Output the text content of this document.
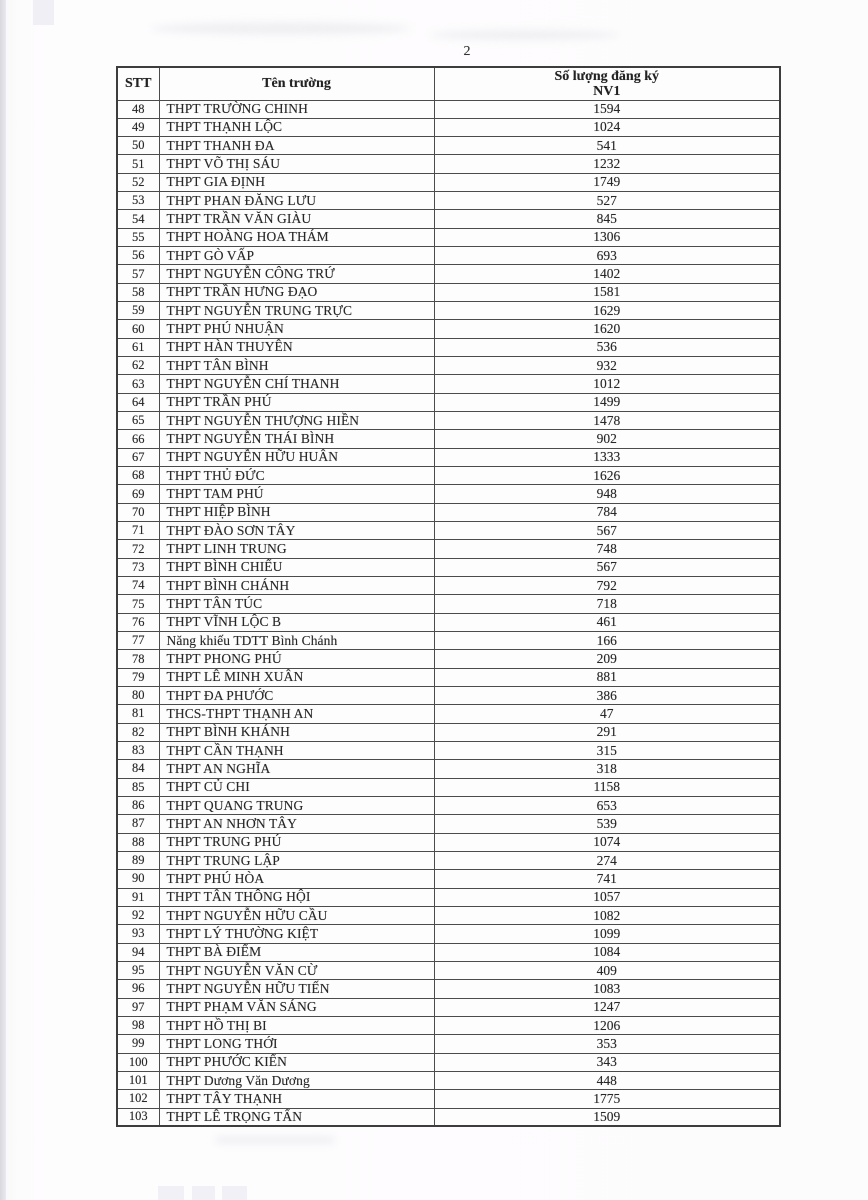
2
STT	Tên trường	Số lượng đăng ký
NV1

48	THPT TRƯỜNG CHINH	1594
49	THPT THẠNH LỘC	1024
50	THPT THANH ĐA	541
51	THPT VÕ THỊ SÁU	1232
52	THPT GIA ĐỊNH	1749
53	THPT PHAN ĐĂNG LƯU	527
54	THPT TRẦN VĂN GIÀU	845
55	THPT HOÀNG HOA THÁM	1306
56	THPT GÒ VẤP	693
57	THPT NGUYỄN CÔNG TRỨ	1402
58	THPT TRẦN HƯNG ĐẠO	1581
59	THPT NGUYỄN TRUNG TRỰC	1629
60	THPT PHÚ NHUẬN	1620
61	THPT HÀN THUYÊN	536
62	THPT TÂN BÌNH	932
63	THPT NGUYỄN CHÍ THANH	1012
64	THPT TRẦN PHÚ	1499
65	THPT NGUYỄN THƯỢNG HIỀN	1478
66	THPT NGUYỄN THÁI BÌNH	902
67	THPT NGUYỄN HỮU HUÂN	1333
68	THPT THỦ ĐỨC	1626
69	THPT TAM PHÚ	948
70	THPT HIỆP BÌNH	784
71	THPT ĐÀO SƠN TÂY	567
72	THPT LINH TRUNG	748
73	THPT BÌNH CHIỂU	567
74	THPT BÌNH CHÁNH	792
75	THPT TÂN TÚC	718
76	THPT VĨNH LỘC B	461
77	Năng khiếu TDTT Bình Chánh	166
78	THPT PHONG PHÚ	209
79	THPT LÊ MINH XUÂN	881
80	THPT ĐA PHƯỚC	386
81	THCS-THPT THẠNH AN	47
82	THPT BÌNH KHÁNH	291
83	THPT CẦN THẠNH	315
84	THPT AN NGHĨA	318
85	THPT CỦ CHI	1158
86	THPT QUANG TRUNG	653
87	THPT AN NHƠN TÂY	539
88	THPT TRUNG PHÚ	1074
89	THPT TRUNG LẬP	274
90	THPT PHÚ HÒA	741
91	THPT TÂN THÔNG HỘI	1057
92	THPT NGUYỄN HỮU CẦU	1082
93	THPT LÝ THƯỜNG KIỆT	1099
94	THPT BÀ ĐIỂM	1084
95	THPT NGUYỄN VĂN CỪ	409
96	THPT NGUYỄN HỮU TIẾN	1083
97	THPT PHẠM VĂN SÁNG	1247
98	THPT HỒ THỊ BI	1206
99	THPT LONG THỚI	353
100	THPT PHƯỚC KIỂN	343
101	THPT Dương Văn Dương	448
102	THPT TÂY THẠNH	1775
103	THPT LÊ TRỌNG TẤN	1509
